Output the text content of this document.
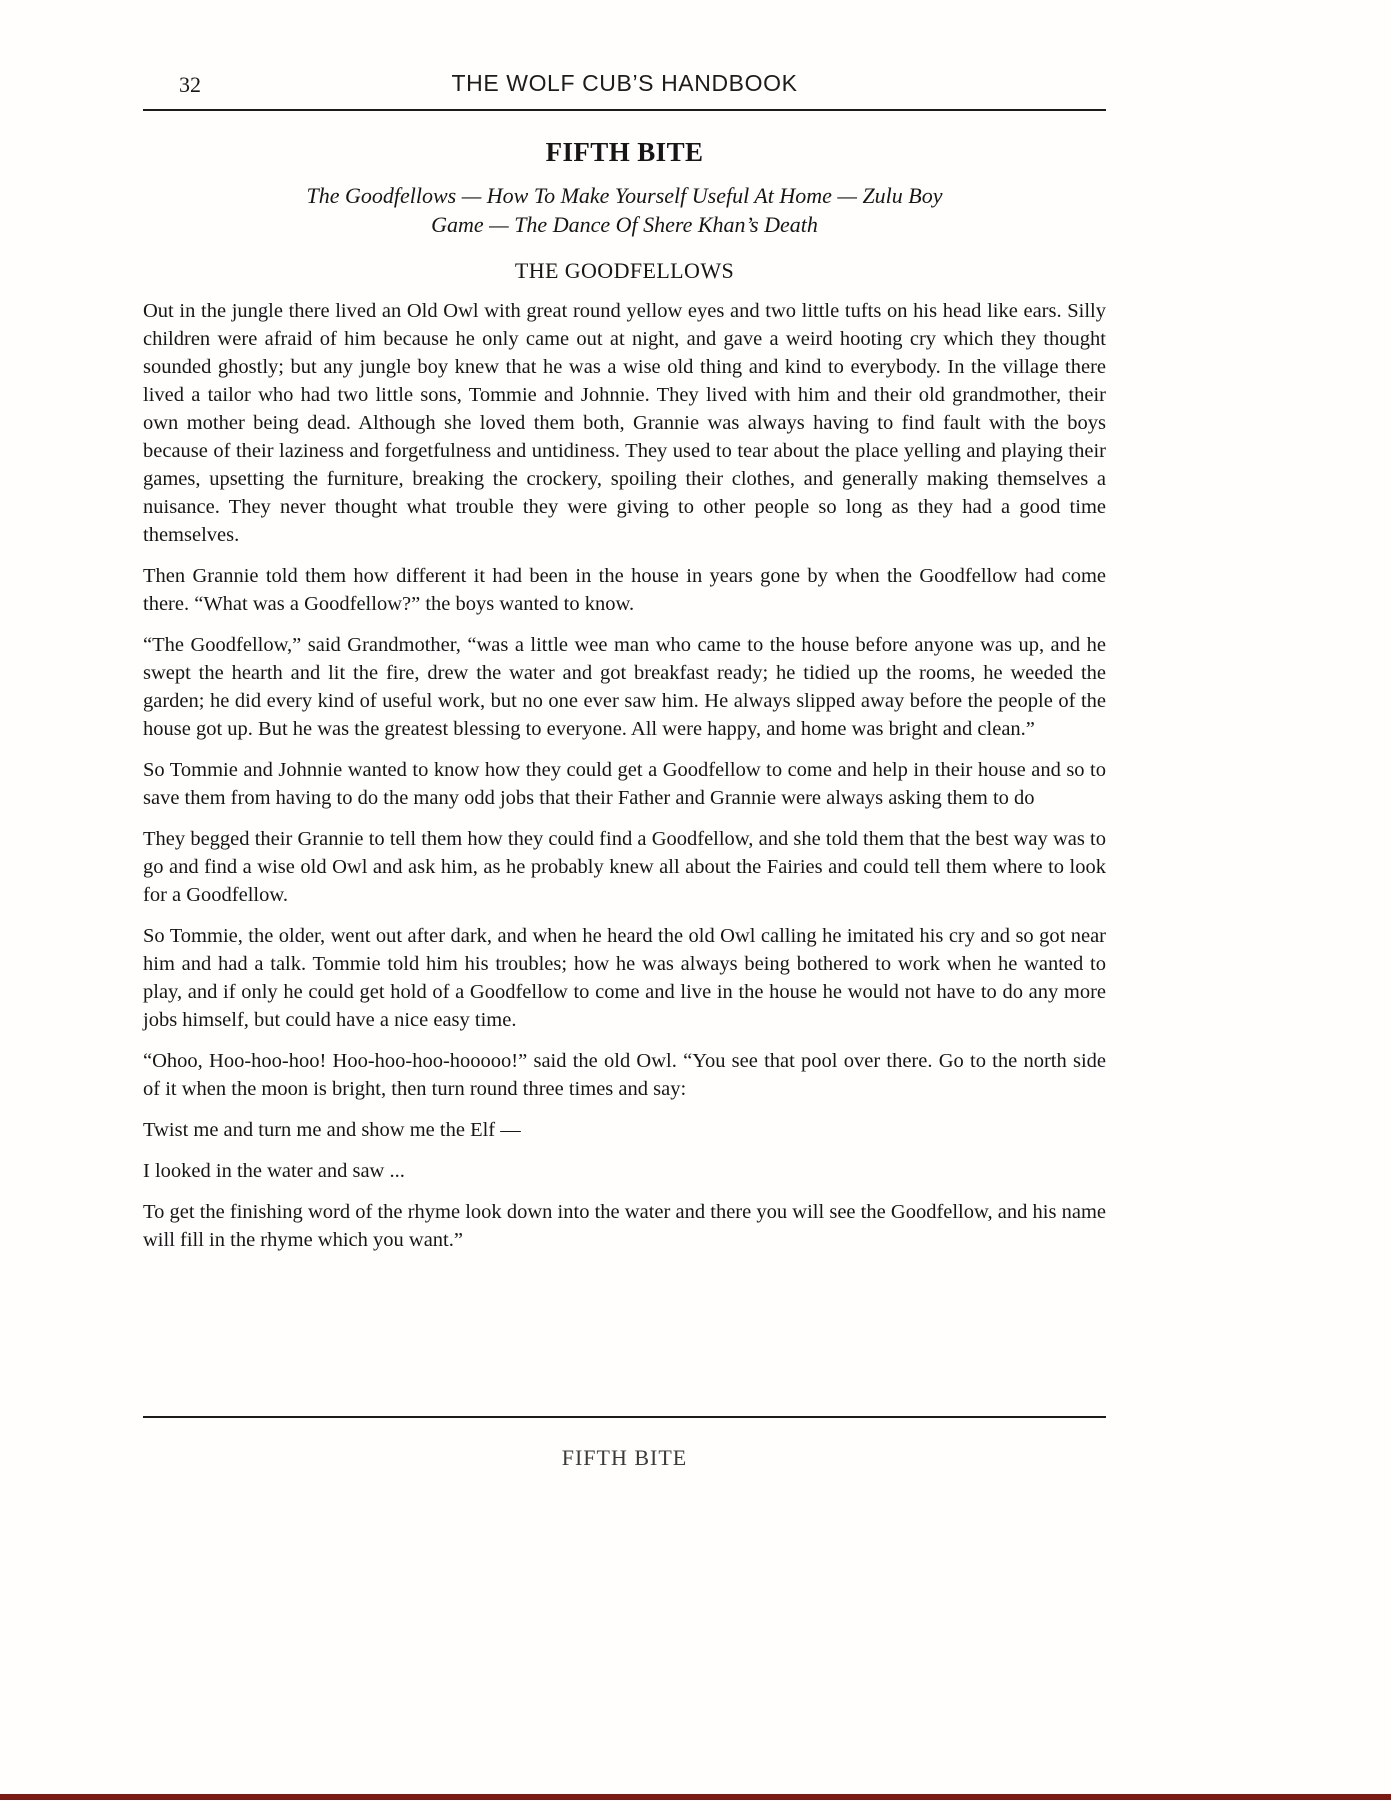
32	THE WOLF CUB’S HANDBOOK
FIFTH BITE
The Goodfellows — How To Make Yourself Useful At Home — Zulu Boy
Game — The Dance Of Shere Khan’s Death
THE GOODFELLOWS

Out in the jungle there lived an Old Owl with great round yellow eyes and two little tufts on his head like ears. Silly children were afraid of him because he only came out at night, and gave a weird hooting cry which they thought sounded ghostly; but any jungle boy knew that he was a wise old thing and kind to everybody. In the village there lived a tailor who had two little sons, Tommie and Johnnie. They lived with him and their old grandmother, their own mother being dead. Although she loved them both, Grannie was always having to find fault with the boys because of their laziness and forgetfulness and untidiness. They used to tear about the place yelling and playing their games, upsetting the furniture, breaking the crockery, spoiling their clothes, and generally making themselves a nuisance. They never thought what trouble they were giving to other people so long as they had a good time themselves.

Then Grannie told them how different it had been in the house in years gone by when the Goodfellow had come there. “What was a Goodfellow?” the boys wanted to know.

“The Goodfellow,” said Grandmother, “was a little wee man who came to the house before anyone was up, and he swept the hearth and lit the fire, drew the water and got breakfast ready; he tidied up the rooms, he weeded the garden; he did every kind of useful work, but no one ever saw him. He always slipped away before the people of the house got up. But he was the greatest blessing to everyone. All were happy, and home was bright and clean.”

So Tommie and Johnnie wanted to know how they could get a Goodfellow to come and help in their house and so to save them from having to do the many odd jobs that their Father and Grannie were always asking them to do

They begged their Grannie to tell them how they could find a Goodfellow, and she told them that the best way was to go and find a wise old Owl and ask him, as he probably knew all about the Fairies and could tell them where to look for a Goodfellow.

So Tommie, the older, went out after dark, and when he heard the old Owl calling he imitated his cry and so got near him and had a talk. Tommie told him his troubles; how he was always being bothered to work when he wanted to play, and if only he could get hold of a Goodfellow to come and live in the house he would not have to do any more jobs himself, but could have a nice easy time.

“Ohoo, Hoo-hoo-hoo! Hoo-hoo-hoo-hooooo!” said the old Owl. “You see that pool over there. Go to the north side of it when the moon is bright, then turn round three times and say:

Twist me and turn me and show me the Elf —

I looked in the water and saw ...

To get the finishing word of the rhyme look down into the water and there you will see the Goodfellow, and his name will fill in the rhyme which you want.”

FIFTH BITE
